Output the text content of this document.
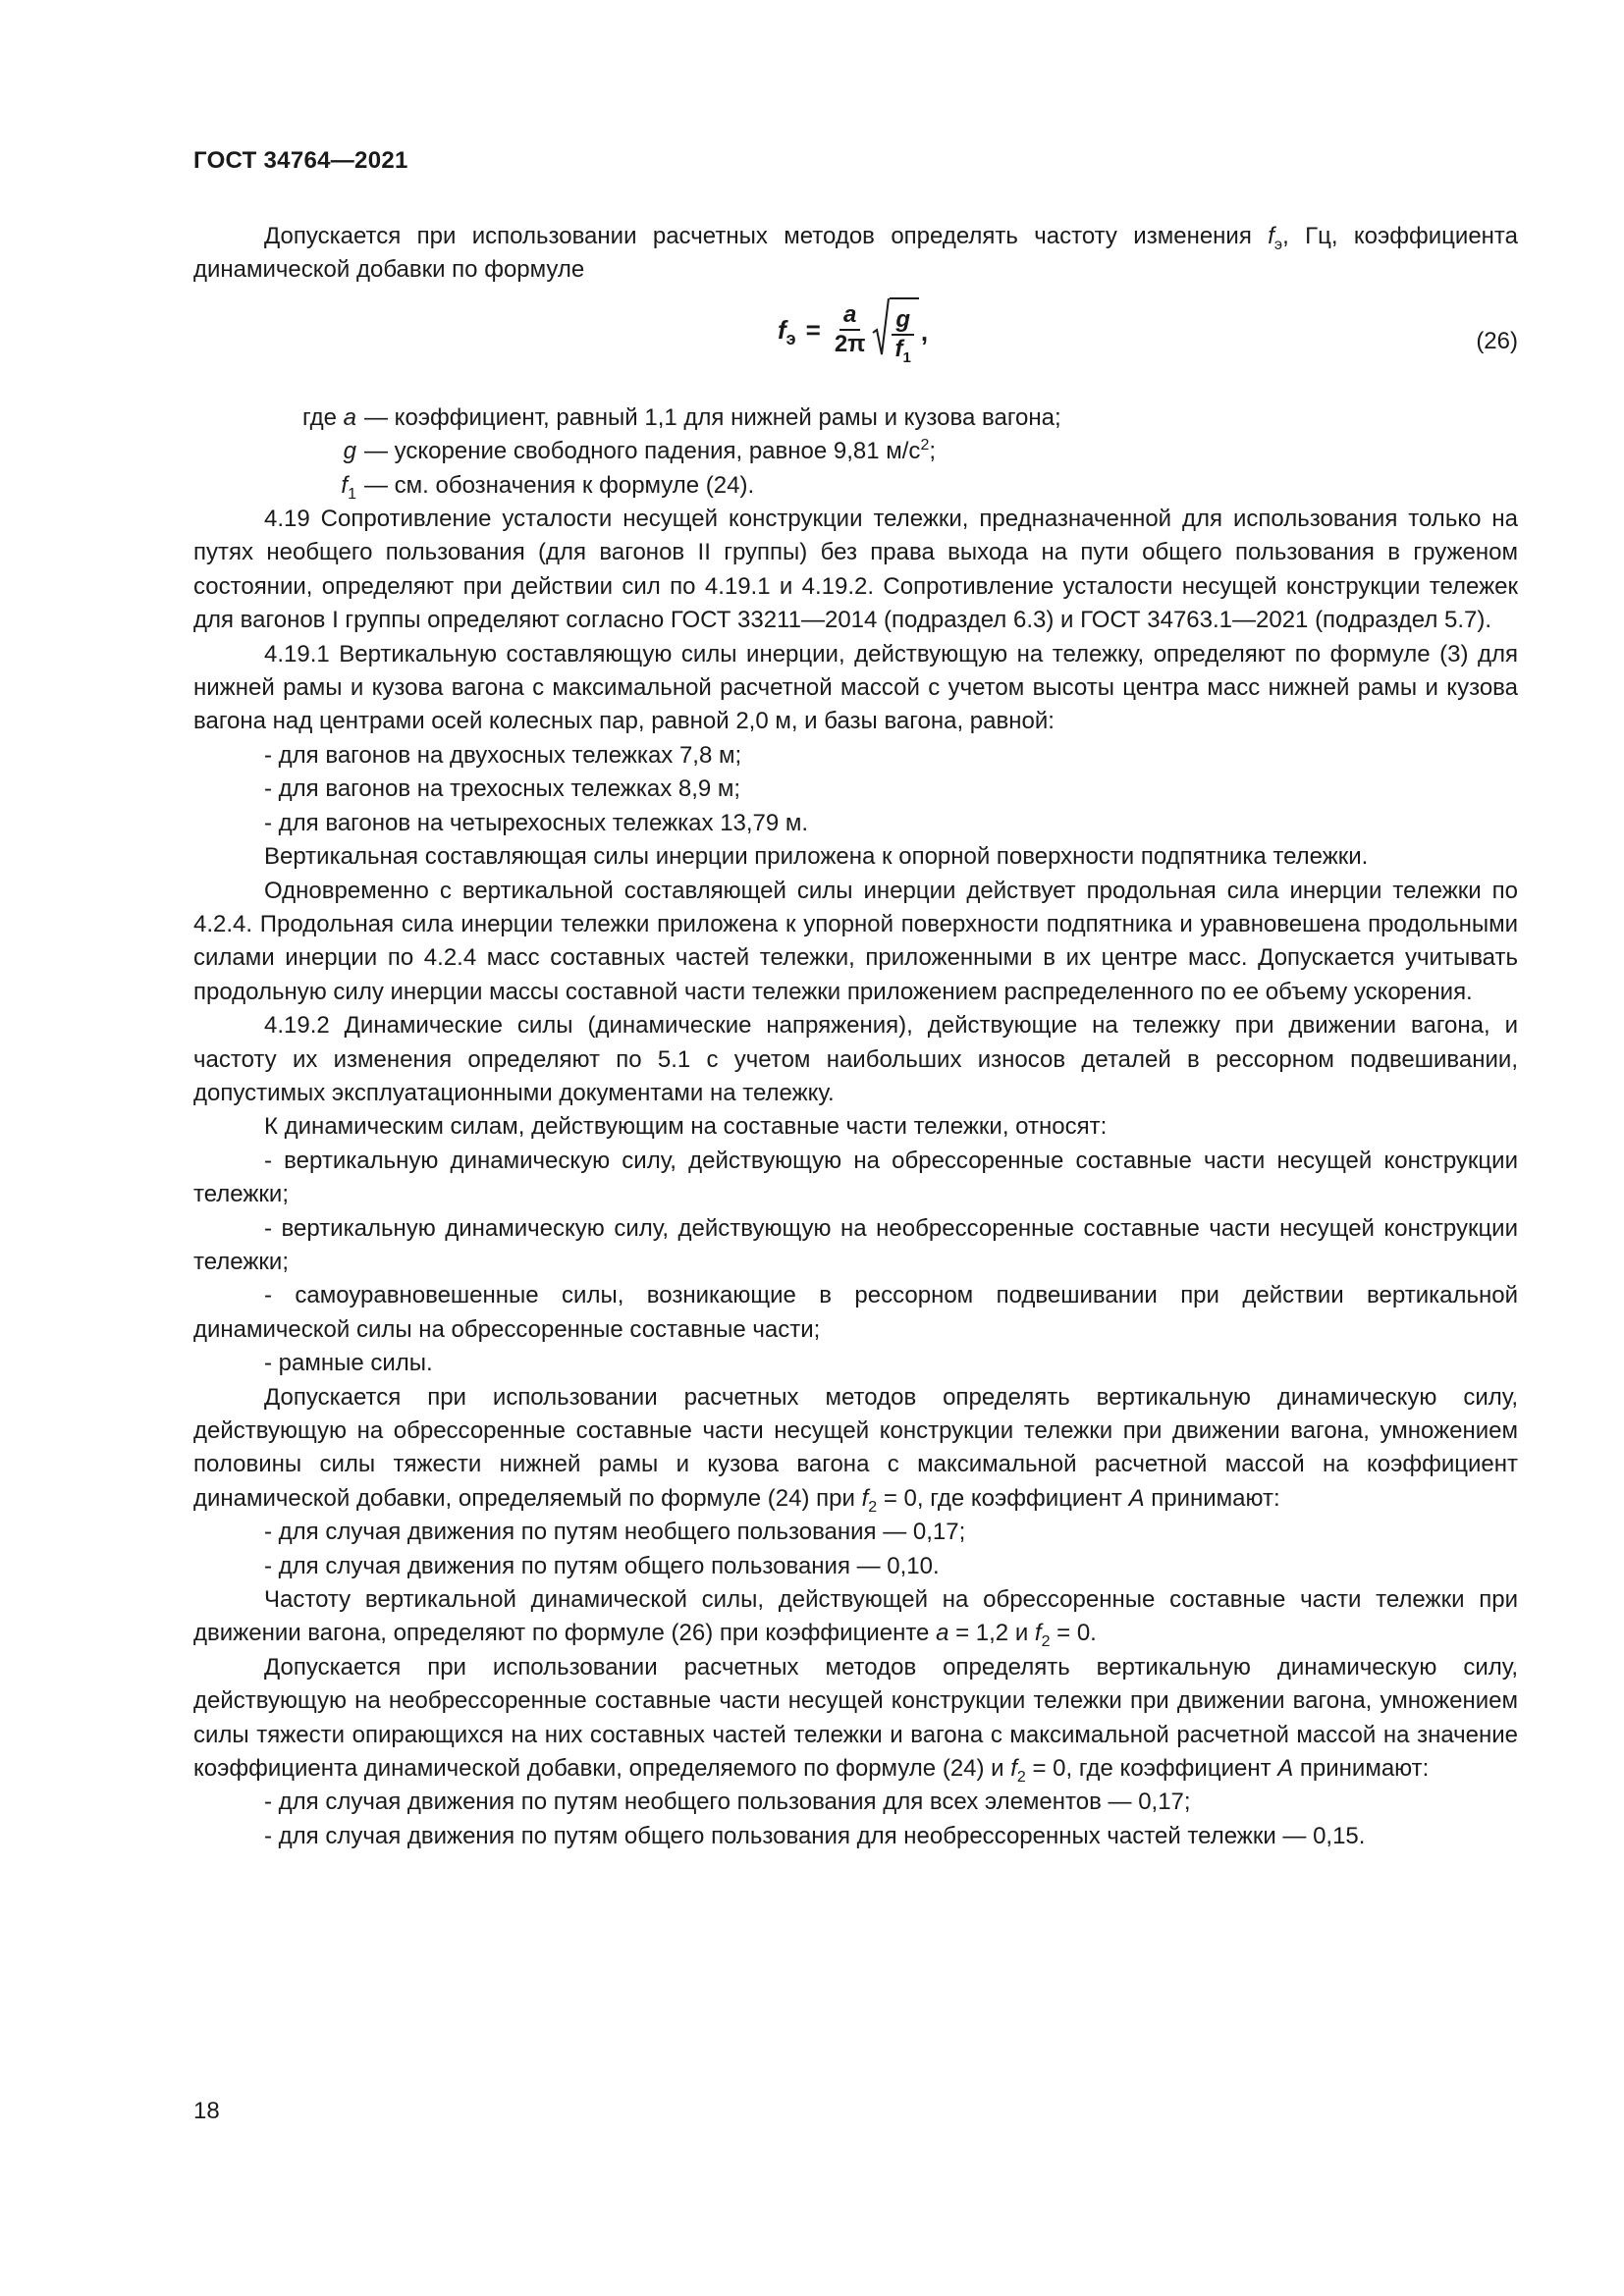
ГОСТ 34764—2021

Допускается при использовании расчетных методов определять частоту изменения $f_э$, Гц, коэффициента динамической добавки по формуле

$f_э = \frac{a}{2\pi} \frac{g}{f_1}$ ,	(26)
где a — коэффициент, равный 1,1 для нижней рамы и кузова вагона;
g — ускорение свободного падения, равное 9,81 $м/с^2$;
$f_1$ — см. обозначения к формуле (24).

4.19 Сопротивление усталости несущей конструкции тележки, предназначенной для использования только на путях необщего пользования (для вагонов II группы) без права выхода на пути общего пользования в груженом состоянии, определяют при действии сил по 4.19.1 и 4.19.2. Сопротивление усталости несущей конструкции тележек для вагонов I группы определяют согласно ГОСТ 33211—2014 (подраздел 6.3) и ГОСТ 34763.1—2021 (подраздел 5.7).

4.19.1 Вертикальную составляющую силы инерции, действующую на тележку, определяют по формуле (3) для нижней рамы и кузова вагона с максимальной расчетной массой с учетом высоты центра масс нижней рамы и кузова вагона над центрами осей колесных пар, равной 2,0 м, и базы вагона, равной:

- для вагонов на двухосных тележках 7,8 м;

- для вагонов на трехосных тележках 8,9 м;

- для вагонов на четырехосных тележках 13,79 м.

Вертикальная составляющая силы инерции приложена к опорной поверхности подпятника тележки.

Одновременно с вертикальной составляющей силы инерции действует продольная сила инерции тележки по 4.2.4. Продольная сила инерции тележки приложена к упорной поверхности подпятника и уравновешена продольными силами инерции по 4.2.4 масс составных частей тележки, приложенными в их центре масс. Допускается учитывать продольную силу инерции массы составной части тележки приложением распределенного по ее объему ускорения.

4.19.2 Динамические силы (динамические напряжения), действующие на тележку при движении вагона, и частоту их изменения определяют по 5.1 с учетом наибольших износов деталей в рессорном подвешивании, допустимых эксплуатационными документами на тележку.

К динамическим силам, действующим на составные части тележки, относят:

- вертикальную динамическую силу, действующую на обрессоренные составные части несущей конструкции тележки;

- вертикальную динамическую силу, действующую на необрессоренные составные части несущей конструкции тележки;

- самоуравновешенные силы, возникающие в рессорном подвешивании при действии вертикальной динамической силы на обрессоренные составные части;

- рамные силы.

Допускается при использовании расчетных методов определять вертикальную динамическую силу, действующую на обрессоренные составные части несущей конструкции тележки при движении вагона, умножением половины силы тяжести нижней рамы и кузова вагона с максимальной расчетной массой на коэффициент динамической добавки, определяемый по формуле (24) при $f_2 = 0$, где коэффициент A принимают:

- для случая движения по путям необщего пользования — 0,17;

- для случая движения по путям общего пользования — 0,10.

Частоту вертикальной динамической силы, действующей на обрессоренные составные части тележки при движении вагона, определяют по формуле (26) при коэффициенте a = 1,2 и $f_2 = 0$.

Допускается при использовании расчетных методов определять вертикальную динамическую силу, действующую на необрессоренные составные части несущей конструкции тележки при движении вагона, умножением силы тяжести опирающихся на них составных частей тележки и вагона с максимальной расчетной массой на значение коэффициента динамической добавки, определяемого по формуле (24) и $f_2 = 0$, где коэффициент A принимают:

- для случая движения по путям необщего пользования для всех элементов — 0,17;

- для случая движения по путям общего пользования для необрессоренных частей тележки — 0,15.

18
